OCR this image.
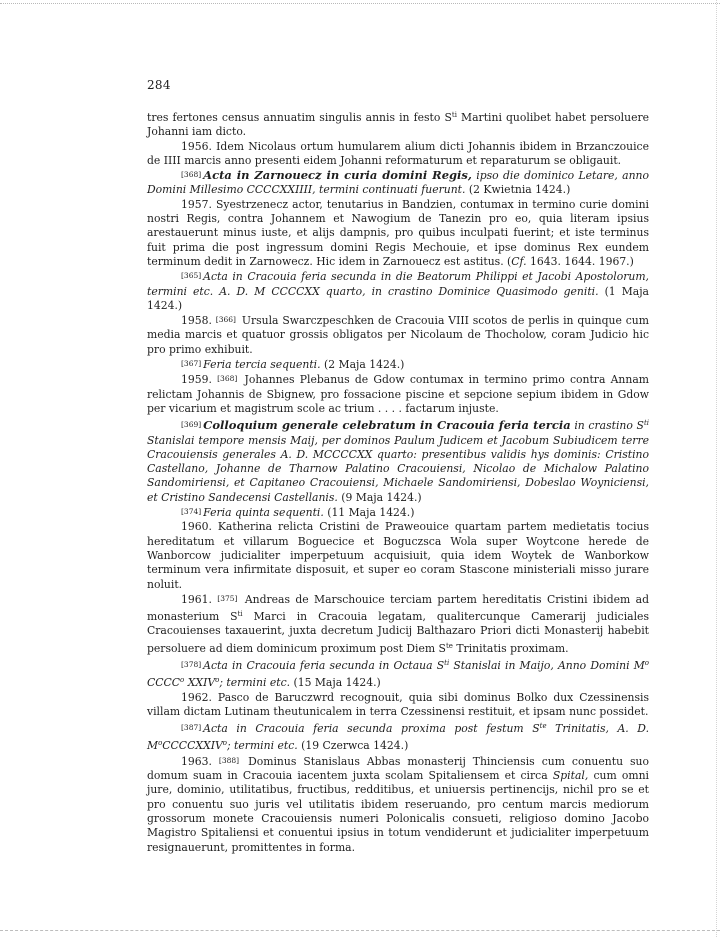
284

tres fertones census annuatim singulis annis in festo $S^{ti}$ Martini quolibet habet persoluere Johanni iam dicto.

1956. Idem Nicolaus ortum humularem alium dicti Johannis ibidem in Brzanczouice de IIII marcis anno presenti eidem Johanni reformaturum et reparaturum se obligauit.

[368] Acta in Zarnouecz in curia domini Regis, ipso die dominico Letare, anno Domini Millesimo CCCCXXIIII, termini continuati fuerunt. (2 Kwietnia 1424.)

1957. Syestrzenecz actor, tenutarius in Bandzien, contumax in termino curie domini nostri Regis, contra Johannem et Nawogium de Tanezin pro eo, quia literam ipsius arestauerunt minus iuste, et alijs dampnis, pro quibus inculpati fuerint; et iste terminus fuit prima die post ingressum domini Regis Mechouie, et ipse dominus Rex eundem terminum dedit in Zarnowecz. Hic idem in Zarnouecz est astitus. (Cf. 1643. 1644. 1967.)

[365] Acta in Cracouia feria secunda in die Beatorum Philippi et Jacobi Apostolorum, termini etc. A. D. M CCCCXX quarto, in crastino Dominice Quasimodo geniti. (1 Maja 1424.)

1958. [366] Ursula Swarczpeschken de Cracouia VIII scotos de perlis in quinque cum media marcis et quatuor grossis obligatos per Nicolaum de Thocholow, coram Judicio hic pro primo exhibuit.

[367] Feria tercia sequenti. (2 Maja 1424.)

1959. [368] Johannes Plebanus de Gdow contumax in termino primo contra Annam relictam Johannis de Sbignew, pro fossacione piscine et sepcione sepium ibidem in Gdow per vicarium et magistrum scole ac trium . . . . factarum injuste.

[369] Colloquium generale celebratum in Cracouia feria tercia in crastino $S^{ti}$ Stanislai tempore mensis Maij, per dominos Paulum Judicem et Jacobum Subiudicem terre Cracouiensis generales A. D. MCCCCXX quarto: presentibus validis hys dominis: Cristino Castellano, Johanne de Tharnow Palatino Cracouiensi, Nicolao de Michalow Palatino Sandomiriensi, et Capitaneo Cracouiensi, Michaele Sandomiriensi, Dobeslao Woyniciensi, et Cristino Sandecensi Castellanis. (9 Maja 1424.)

[374] Feria quinta sequenti. (11 Maja 1424.)

1960. Katherina relicta Cristini de Praweouice quartam partem medietatis tocius hereditatum et villarum Boguecice et Boguczsca Wola super Woytcone herede de Wanborcow judicialiter imperpetuum acquisiuit, quia idem Woytek de Wanborkow terminum vera infirmitate disposuit, et super eo coram Stascone ministeriali misso jurare noluit.

1961. [375] Andreas de Marschouice terciam partem hereditatis Cristini ibidem ad monasterium $S^{ti}$ Marci in Cracouia legatam, qualitercunque Camerarij judiciales Cracouienses taxauerint, juxta decretum Judicij Balthazaro Priori dicti Monasterij habebit persoluere ad diem dominicum proximum post Diem $S^{te}$ Trinitatis proximam.

[378] Acta in Cracouia feria secunda in Octaua $S^{ti}$ Stanislai in Maijo, Anno Domini $M^o$ CCCC$^o$ XXIV$^o$; termini etc. (15 Maja 1424.)

1962. Pasco de Baruczwrd recognouit, quia sibi dominus Bolko dux Czessinensis villam dictam Lutinam theutunicalem in terra Czessinensi restituit, et ipsam nunc possidet.

[387] Acta in Cracouia feria secunda proxima post festum $S^{te}$ Trinitatis, A. D. $M^oCCCCXXIV^o$; termini etc. (19 Czerwca 1424.)

1963. [388] Dominus Stanislaus Abbas monasterij Thinciensis cum conuentu suo domum suam in Cracouia iacentem juxta scolam Spitaliensem et circa Spital, cum omni jure, dominio, utilitatibus, fructibus, redditibus, et uniuersis pertinencijs, nichil pro se et pro conuentu suo juris vel utilitatis ibidem reseruando, pro centum marcis mediorum grossorum monete Cracouiensis numeri Polonicalis consueti, religioso domino Jacobo Magistro Spitaliensi et conuentui ipsius in totum vendiderunt et judicialiter imperpetuum resignauerunt, promittentes in forma.
